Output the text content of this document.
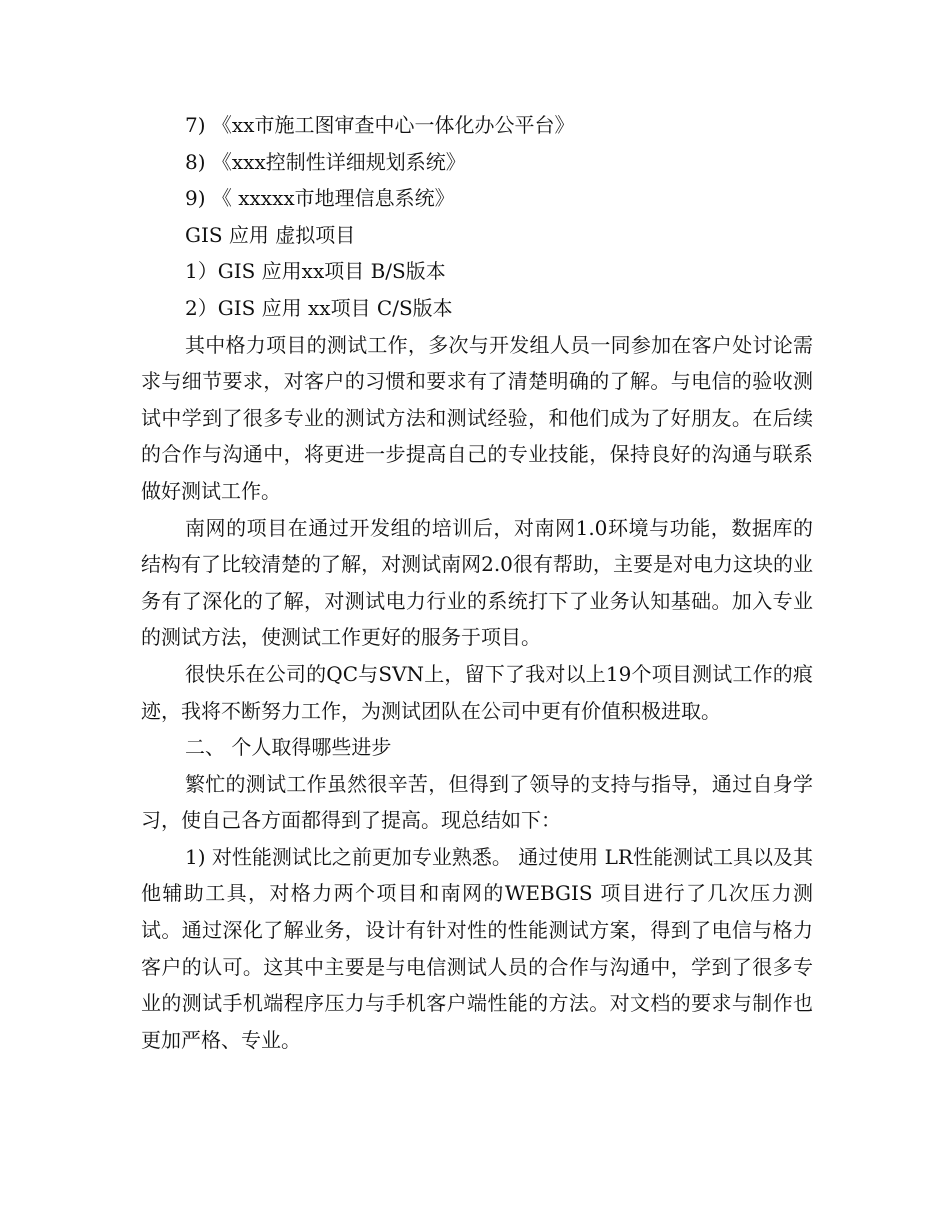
7) 《xx市施工图审查中心一体化办公平台》

8) 《xxx控制性详细规划系统》

9) 《 xxxxx市地理信息系统》

GIS 应用 虚拟项目

1）GIS 应用xx项目 B/S版本

2）GIS 应用 xx项目 C/S版本

其中格力项目的测试工作，多次与开发组人员一同参加在客户处讨论需求与细节要求，对客户的习惯和要求有了清楚明确的了解。与电信的验收测试中学到了很多专业的测试方法和测试经验，和他们成为了好朋友。在后续的合作与沟通中，将更进一步提高自己的专业技能，保持良好的沟通与联系做好测试工作。

南网的项目在通过开发组的培训后，对南网1.0环境与功能，数据库的结构有了比较清楚的了解，对测试南网2.0很有帮助，主要是对电力这块的业务有了深化的了解，对测试电力行业的系统打下了业务认知基础。加入专业的测试方法，使测试工作更好的服务于项目。

很快乐在公司的QC与SVN上，留下了我对以上19个项目测试工作的痕迹，我将不断努力工作，为测试团队在公司中更有价值积极进取。

二、 个人取得哪些进步

繁忙的测试工作虽然很辛苦，但得到了领导的支持与指导，通过自身学习，使自己各方面都得到了提高。现总结如下：

1) 对性能测试比之前更加专业熟悉。 通过使用 LR性能测试工具以及其他辅助工具，对格力两个项目和南网的WEBGIS 项目进行了几次压力测试。通过深化了解业务，设计有针对性的性能测试方案，得到了电信与格力客户的认可。这其中主要是与电信测试人员的合作与沟通中，学到了很多专业的测试手机端程序压力与手机客户端性能的方法。对文档的要求与制作也更加严格、专业。
